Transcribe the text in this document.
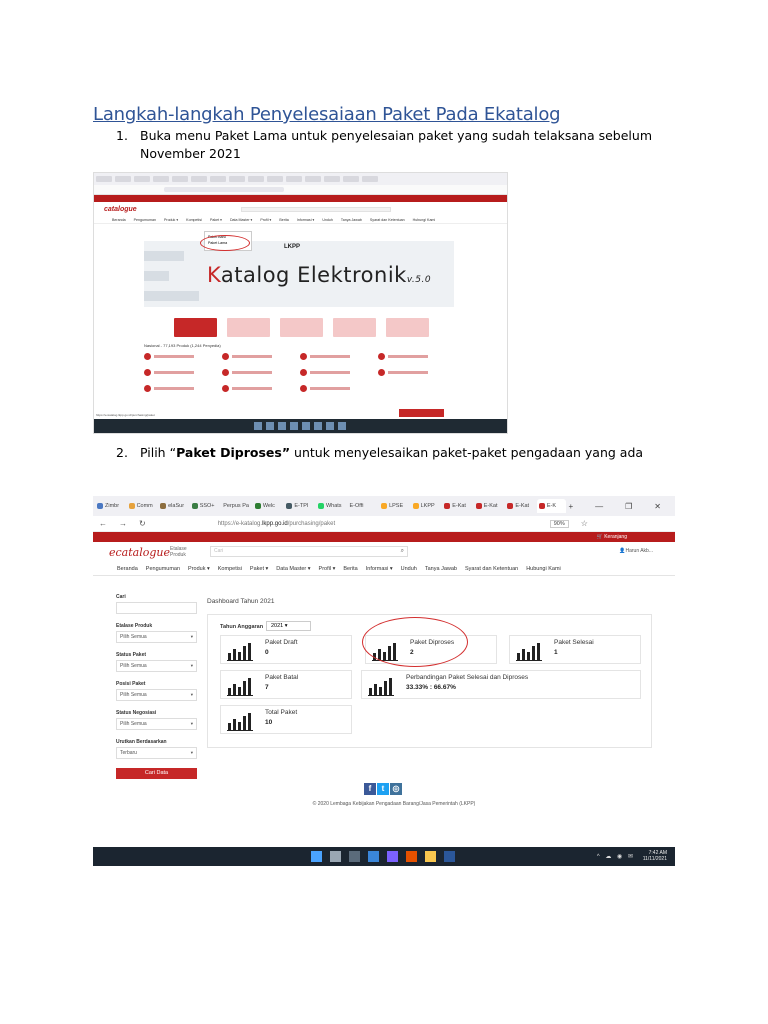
Langkah-langkah Penyelesaiaan Paket Pada Ekatalog
1. Buka menu Paket Lama untuk penyelesaian paket yang sudah telaksana sebelum November 2021
catalogue
Beranda Pengumuman Produk ▾ Kompetisi Paket ▾ Data Master ▾ Profil ▾ Berita Informasi ▾ Unduh Tanya Jawab Syarat dan Ketentuan Hubungi Kami
LKPP
Katalog Elektronikv.5.0
Paket Baru
Paket Lama
Nasional - 77,193 Produk (1,244 Penyedia)
https://e-katalog.lkpp.go.id/purchasing/paket
2. Pilih “Paket Diproses” untuk menyelesaikan paket-paket pengadaan yang ada
Zimbr	Comm	elaSur	SSO+ Perpus Pa	Welc	E-TPI	Whats E-Offi	LPSE	LKPP	E-Kat	E-Kat	E-Kat	E-K +	—	❐	✕
← → ↻	https://e-katalog.lkpp.go.id/purchasing/paket	90%	☆
🛒 Keranjang
ecatalogue Etalase
Produk
Cari	⌕	👤Harun Akb...
Beranda Pengumuman Produk ▾ Kompetisi Paket ▾ Data Master ▾ Profil ▾ Berita Informasi ▾ Unduh Tanya Jawab Syarat dan Ketentuan Hubungi Kami
Cari
Etalase Produk
Pilih Semua	▾
Status Paket
Pilih Semua	▾
Posisi Paket
Pilih Semua	▾
Status Negosiasi
Pilih Semua	▾
Urutkan Berdasarkan
Terbaru	▾
Cari Data
Dashboard Tahun 2021
Tahun Anggaran	2021 ▾
Paket Draft
0
Paket Diproses
2
Paket Selesai
1
Paket Batal
7
Perbandingan Paket Selesai dan Diproses
33.33% : 66.67%
Total Paket
10
f	t	◎
© 2020 Lembaga Kebijakan Pengadaan Barang/Jasa Pemerintah (LKPP)
^ ☁ ◉ ✉
7:42 AM
11/11/2021
